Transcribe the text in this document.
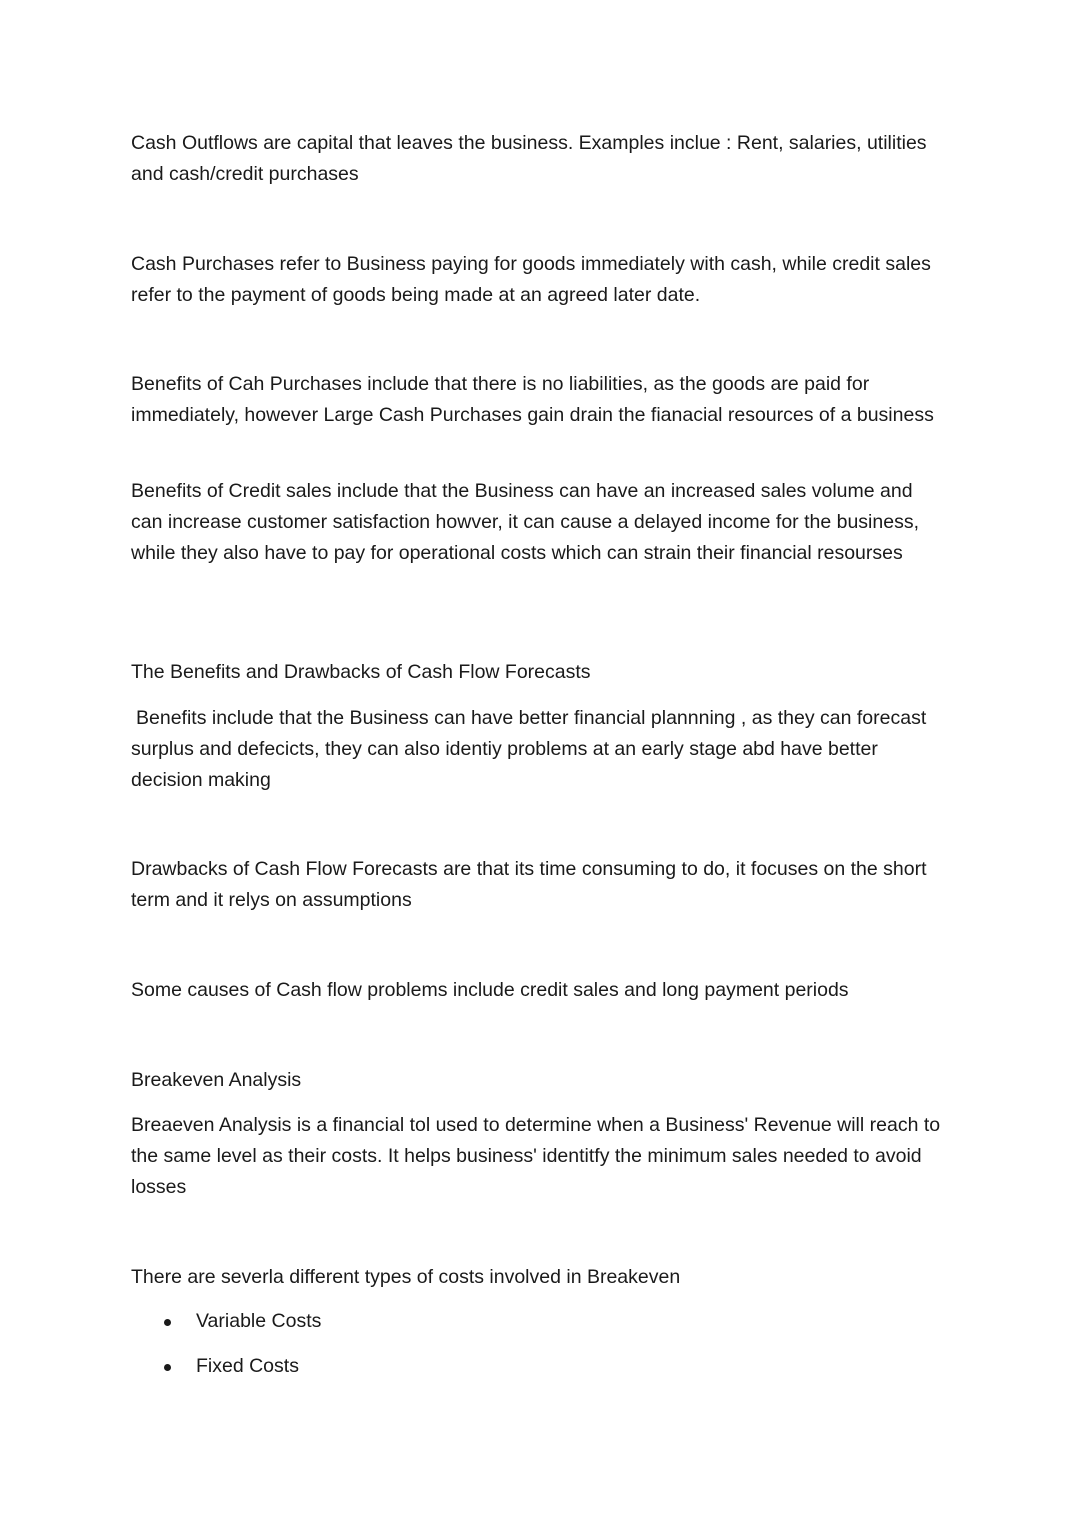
Cash Outflows are capital that leaves the business. Examples inclue : Rent, salaries, utilities and cash/credit purchases

Cash Purchases refer to Business paying for goods immediately with cash, while credit sales refer to the payment of goods being made at an agreed later date.

Benefits of Cah Purchases include that there is no liabilities, as the goods are paid for immediately, however Large Cash Purchases gain drain the fianacial resources of a business

Benefits of Credit sales include that the Business can have an increased sales volume and can increase customer satisfaction howver, it can cause a delayed income for the business, while they also have to pay for operational costs which can strain their financial resourses

The Benefits and Drawbacks of Cash Flow Forecasts

Benefits include that the Business can have better financial plannning , as they can forecast surplus and defecicts, they can also identiy problems at an early stage abd have better decision making

Drawbacks of Cash Flow Forecasts are that its time consuming to do, it focuses on the short term and it relys on assumptions

Some causes of Cash flow problems include credit sales and long payment periods

Breakeven Analysis

Breaeven Analysis is a financial tol used to determine when a Business' Revenue will reach to the same level as their costs. It helps business' identitfy the minimum sales needed to avoid losses

There are severla different types of costs involved in Breakeven

Variable Costs
Fixed Costs
